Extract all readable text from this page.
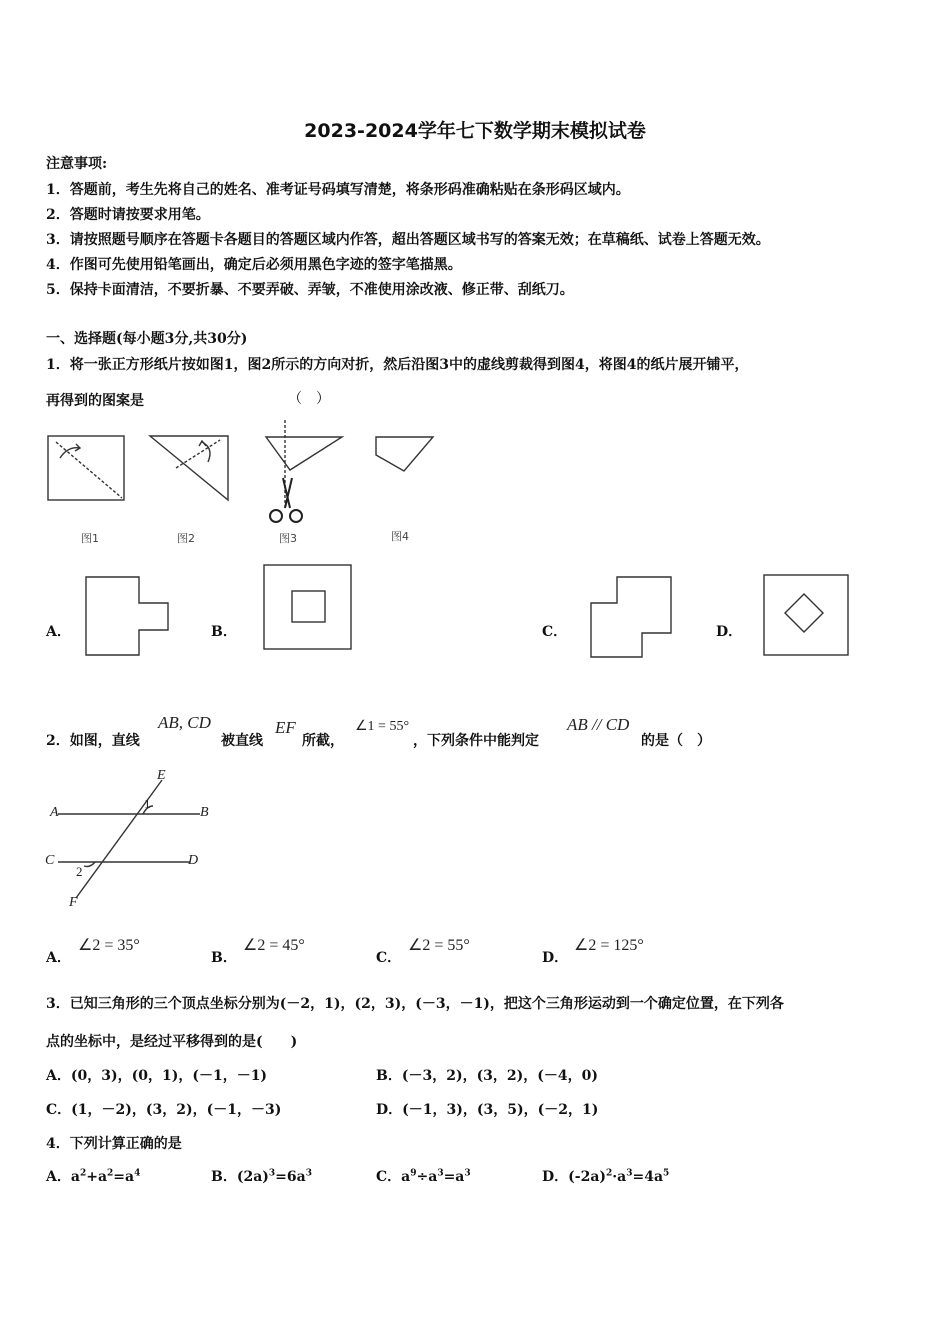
2023-2024学年七下数学期末模拟试卷
注意事项:
1．答题前，考生先将自己的姓名、准考证号码填写清楚，将条形码准确粘贴在条形码区域内。
2．答题时请按要求用笔。
3．请按照题号顺序在答题卡各题目的答题区域内作答，超出答题区域书写的答案无效；在草稿纸、试卷上答题无效。
4．作图可先使用铅笔画出，确定后必须用黑色字迹的签字笔描黑。
5．保持卡面清洁，不要折暴、不要弄破、弄皱，不准使用涂改液、修正带、刮纸刀。
一、选择题(每小题3分,共30分)
1．将一张正方形纸片按如图1，图2所示的方向对折，然后沿图3中的虚线剪裁得到图4，将图4的纸片展开铺平，
再得到的图案是	（　）
图1	图2	图3	图4
A．	B．	C．	D．
2．如图，直线
AB, CD
被直线
EF
所截，
∠1 = 55°
，下列条件中能判定
AB // CD
的是（　）
E
A	B
C	D
F
1
2
A．
∠2 = 35°
B．
∠2 = 45°
C．
∠2 = 55°
D．
∠2 = 125°
3．已知三角形的三个顶点坐标分别为(－2，1)，(2，3)，(－3，－1)，把这个三角形运动到一个确定位置，在下列各
点的坐标中，是经过平移得到的是(　　)
A．(0，3)，(0，1)，(－1，－1)	B．(－3，2)，(3，2)，(－4，0)
C．(1，－2)，(3，2)，(－1，－3)	D．(－1，3)，(3，5)，(－2，1)
4．下列计算正确的是
A．$a^2+a^2=a^4$	B．$(2a)^3=6a^3$	C．$a^9\div a^3=a^3$	D．$(-2a)^2\cdot a^3=4a^5$
